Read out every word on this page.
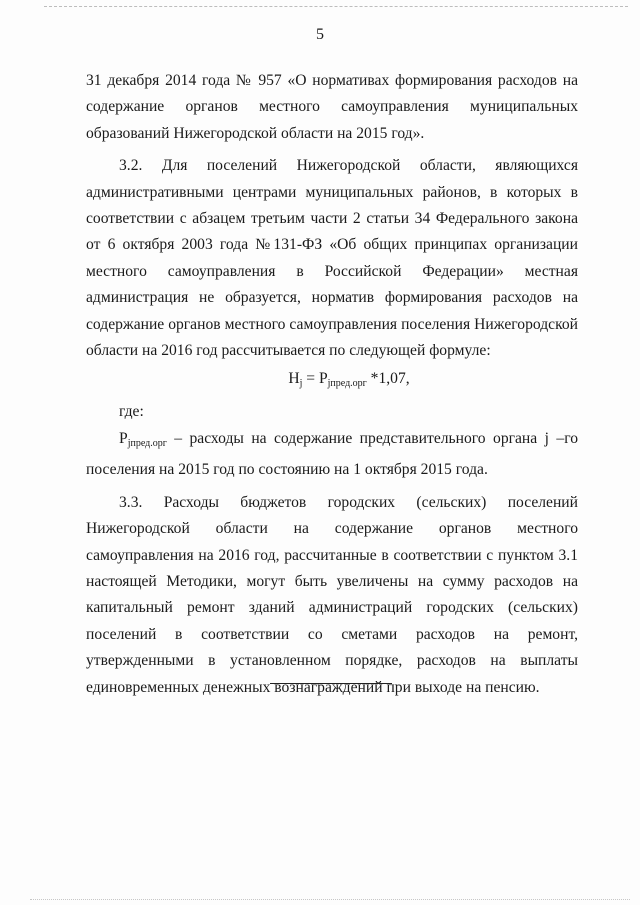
5

31 декабря 2014 года № 957 «О нормативах формирования расходов на содержание органов местного самоуправления муниципальных образований Нижегородской области на 2015 год».

3.2. Для поселений Нижегородской области, являющихся административными центрами муниципальных районов, в которых в соответствии с абзацем третьим части 2 статьи 34 Федерального закона от 6 октября 2003 года №131-ФЗ «Об общих принципах организации местного самоуправления в Российской Федерации» местная администрация не образуется, норматив формирования расходов на содержание органов местного самоуправления поселения Нижегородской области на 2016 год рассчитывается по следующей формуле:

$Н_j = Р_{jпред.орг}$ *1,07,

где:

$Р_{jпред.орг}$ – расходы на содержание представительного органа j –го поселения на 2015 год по состоянию на 1 октября 2015 года.

3.3. Расходы бюджетов городских (сельских) поселений Нижегородской области на содержание органов местного самоуправления на 2016 год, рассчитанные в соответствии с пунктом 3.1 настоящей Методики, могут быть увеличены на сумму расходов на капитальный ремонт зданий администраций городских (сельских) поселений в соответствии со сметами расходов на ремонт, утвержденными в установленном порядке, расходов на выплаты единовременных денежных вознаграждений при выходе на пенсию.
